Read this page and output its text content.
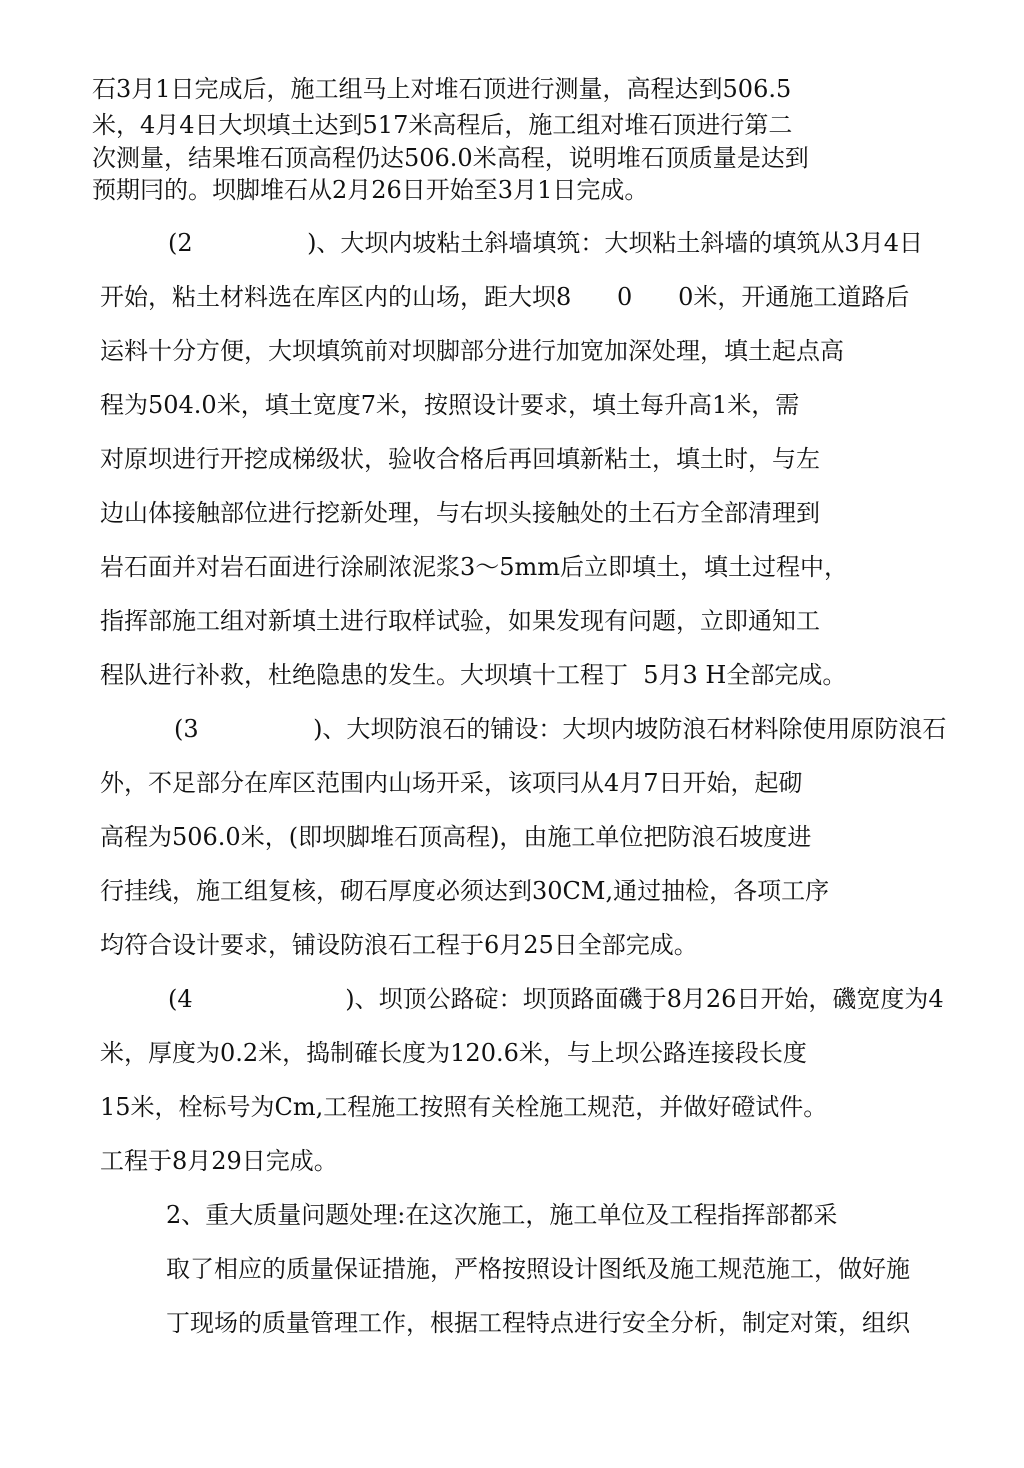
石3月1日完成后，施工组马上对堆石顶进行测量，高程达到506.5

米，4月4日大坝填土达到517米高程后，施工组对堆石顶进行第二

次测量，结果堆石顶高程仍达506.0米高程，说明堆石顶质量是达到

预期冃的。坝脚堆石从2月26日开始至3月1日完成。

(2               )、大坝内坡粘土斜墙填筑：大坝粘土斜墙的填筑从3月4日

开始，粘土材料选在库区内的山场，距大坝8      0      0米，开通施工道路后

运料十分方便，大坝填筑前对坝脚部分进行加宽加深处理，填土起点高

程为504.0米，填土宽度7米，按照设计要求，填土每升高1米，需

对原坝进行开挖成梯级状，验收合格后再回填新粘土，填土时，与左

边山体接触部位进行挖新处理，与右坝头接触处的土石方全部清理到

岩石面并对岩石面进行涂刷浓泥浆3～5mm后立即填土，填土过程中，

指挥部施工组对新填土进行取样试验，如果发现有问题，立即通知工

程队进行补救，杜绝隐患的发生。大坝填十工程丁  5月3 H全部完成。

(3               )、大坝防浪石的铺设：大坝内坡防浪石材料除使用原防浪石

外，不足部分在库区范围内山场开采，该项冃从4月7日开始，起砌

高程为506.0米，(即坝脚堆石顶高程)，由施工单位把防浪石坡度进

行挂线，施工组复核，砌石厚度必须达到30CM,通过抽检，各项工序

均符合设计要求，铺设防浪石工程于6月25日全部完成。

(4                    )、坝顶公路碇：坝顶路面磯于8月26日开始，磯宽度为4

米，厚度为0.2米，捣制確长度为120.6米，与上坝公路连接段长度

15米，栓标号为Cm,工程施工按照有关栓施工规范，并做好磴试件。

工程于8月29日完成。

2、重大质量问题处理:在这次施工，施工单位及工程指挥部都采

取了相应的质量保证措施，严格按照设计图纸及施工规范施工，做好施

丁现场的质量管理工作，根据工程特点进行安全分析，制定对策，组织
